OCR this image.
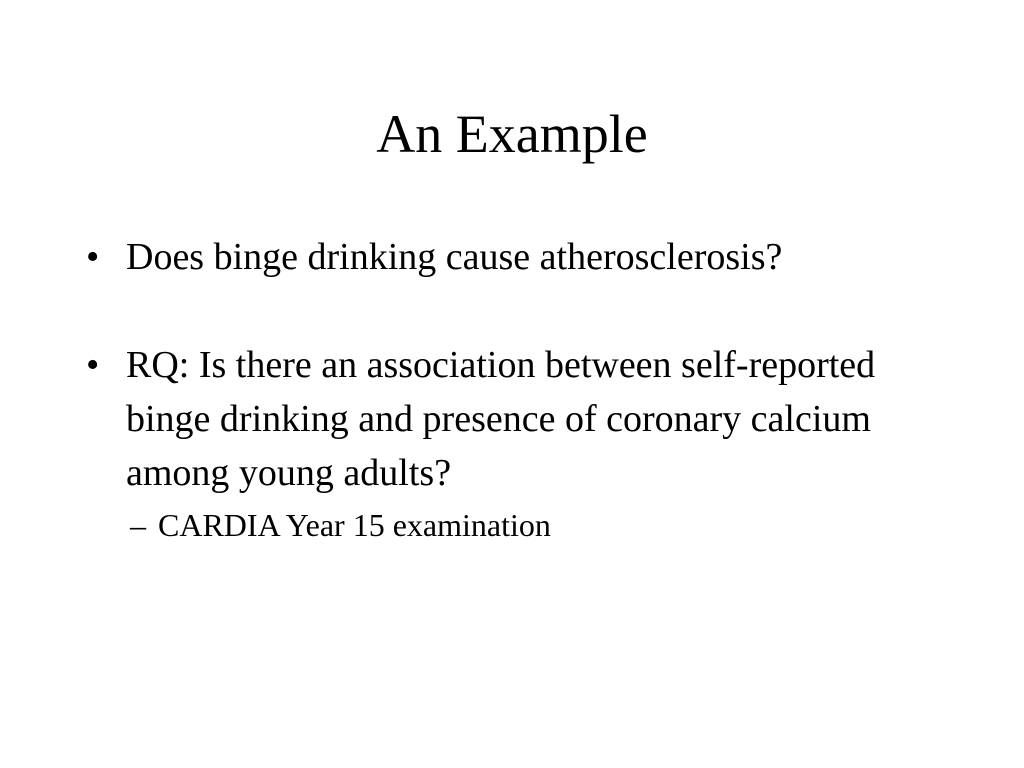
An Example
• Does binge drinking cause atherosclerosis?
• RQ: Is there an association between self-reported binge drinking and presence of coronary calcium among young adults?
– CARDIA Year 15 examination
